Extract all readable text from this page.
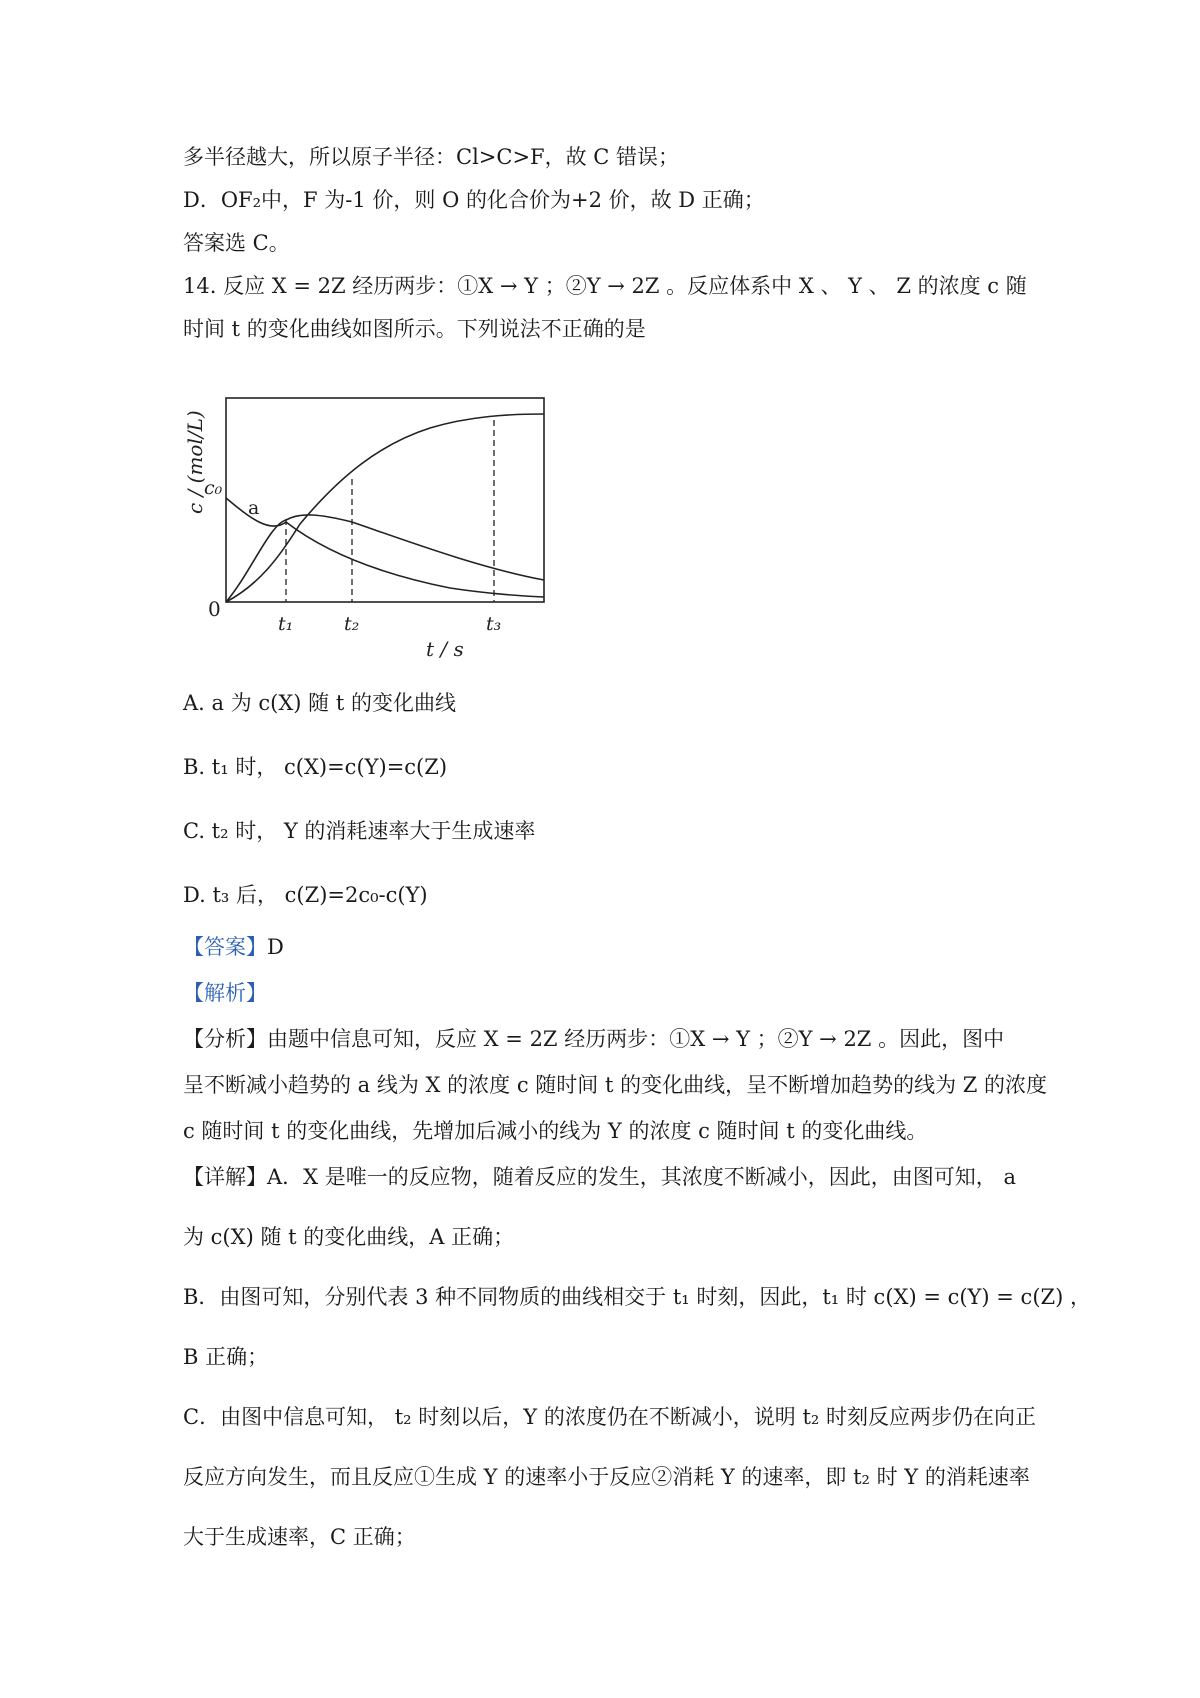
多半径越大，所以原子半径：Cl>C>F，故 C 错误；
D．OF₂中，F 为-1 价，则 O 的化合价为+2 价，故 D 正确；
答案选 C。
14. 反应 X = 2Z 经历两步：①X → Y ；②Y → 2Z 。反应体系中 X 、 Y 、 Z 的浓度 c 随
时间 t 的变化曲线如图所示。下列说法不正确的是
c / (mol/L)
c₀
a
0
t₁	t₂	t₃
t / s
A. a 为 c(X) 随 t 的变化曲线
B. t₁ 时， c(X)=c(Y)=c(Z)
C. t₂ 时， Y 的消耗速率大于生成速率
D. t₃ 后， c(Z)=2c₀-c(Y)
【答案】D
【解析】
【分析】由题中信息可知，反应 X = 2Z 经历两步：①X → Y ；②Y → 2Z 。因此，图中
呈不断减小趋势的 a 线为 X 的浓度 c 随时间 t 的变化曲线，呈不断增加趋势的线为 Z 的浓度
c 随时间 t 的变化曲线，先增加后减小的线为 Y 的浓度 c 随时间 t 的变化曲线。
【详解】A．X 是唯一的反应物，随着反应的发生，其浓度不断减小，因此，由图可知， a
为 c(X) 随 t 的变化曲线，A 正确；
B．由图可知，分别代表 3 种不同物质的曲线相交于 t₁ 时刻，因此，t₁ 时 c(X) = c(Y) = c(Z) ，
B 正确；
C．由图中信息可知， t₂ 时刻以后，Y 的浓度仍在不断减小，说明 t₂ 时刻反应两步仍在向正
反应方向发生，而且反应①生成 Y 的速率小于反应②消耗 Y 的速率，即 t₂ 时 Y 的消耗速率
大于生成速率，C 正确；
